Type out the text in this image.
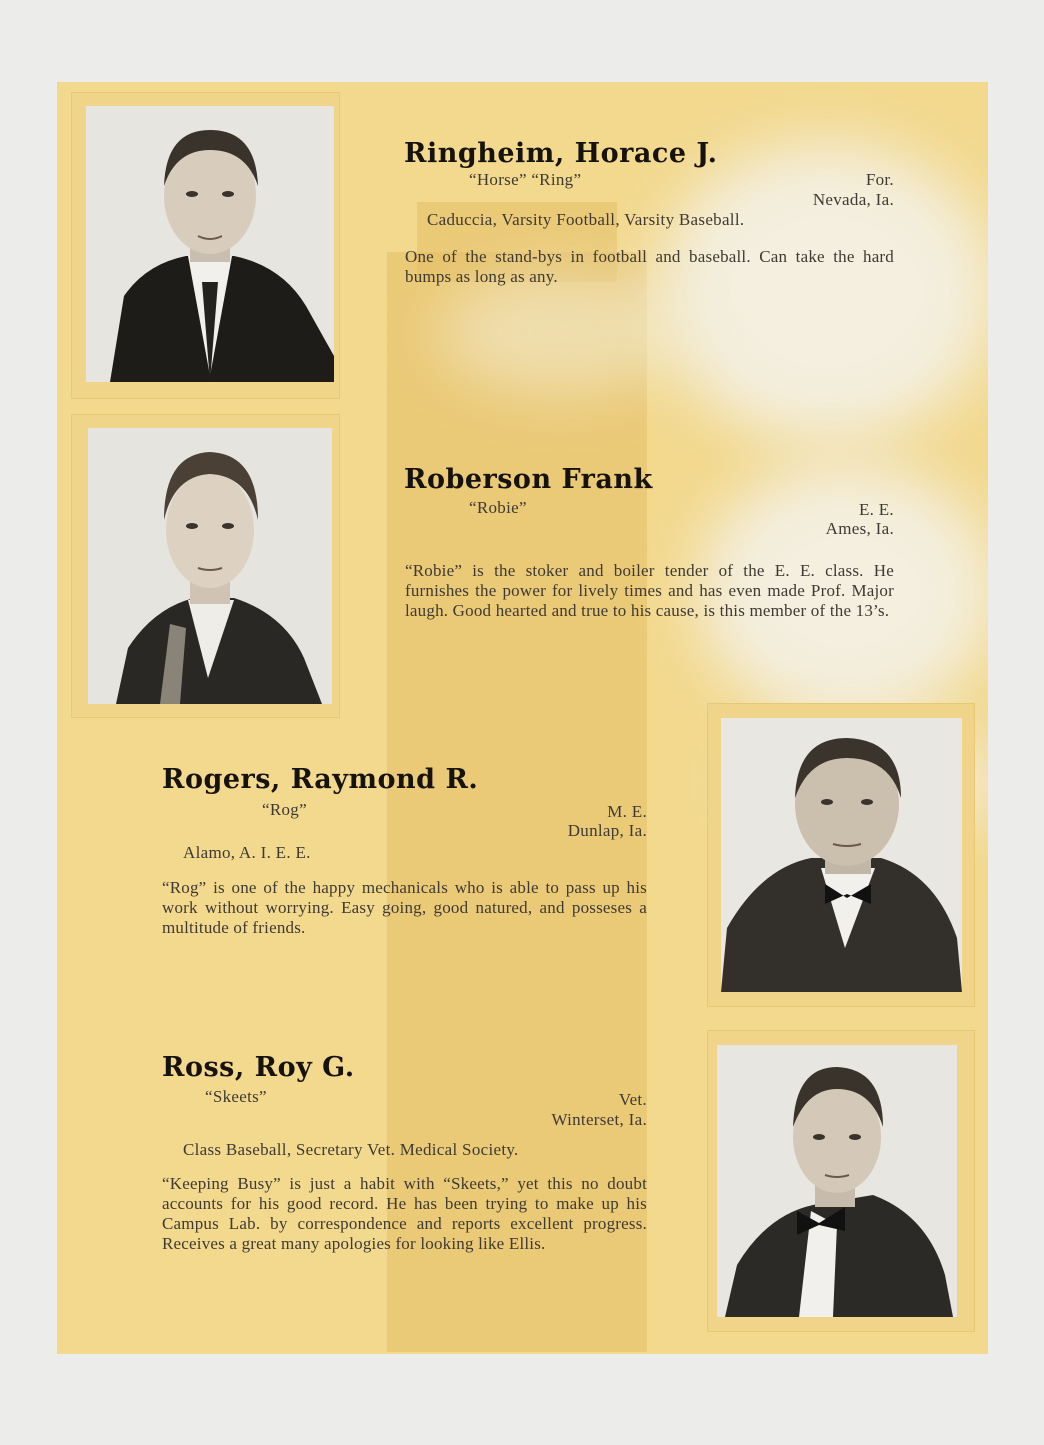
Ringheim, Horace J.
“Horse” “Ring”	For.
Nevada, Ia.
Caduccia, Varsity Football, Varsity Baseball.
One of the stand-bys in football and baseball. Can take the hard bumps as long as any.
Roberson Frank
“Robie”	E. E.
Ames, Ia.
“Robie” is the stoker and boiler tender of the E. E. class. He furnishes the power for lively times and has even made Prof. Major laugh. Good hearted and true to his cause, is this member of the 13’s.
Rogers, Raymond R.
“Rog”	M. E.
Dunlap, Ia.
Alamo, A. I. E. E.
“Rog” is one of the happy mechanicals who is able to pass up his work without worrying. Easy going, good natured, and posseses a multitude of friends.
Ross, Roy G.
“Skeets”	Vet.
Winterset, Ia.
Class Baseball, Secretary Vet. Medical Society.
“Keeping Busy” is just a habit with “Skeets,” yet this no doubt accounts for his good record. He has been trying to make up his Campus Lab. by correspondence and reports excellent progress. Receives a great many apologies for looking like Ellis.
